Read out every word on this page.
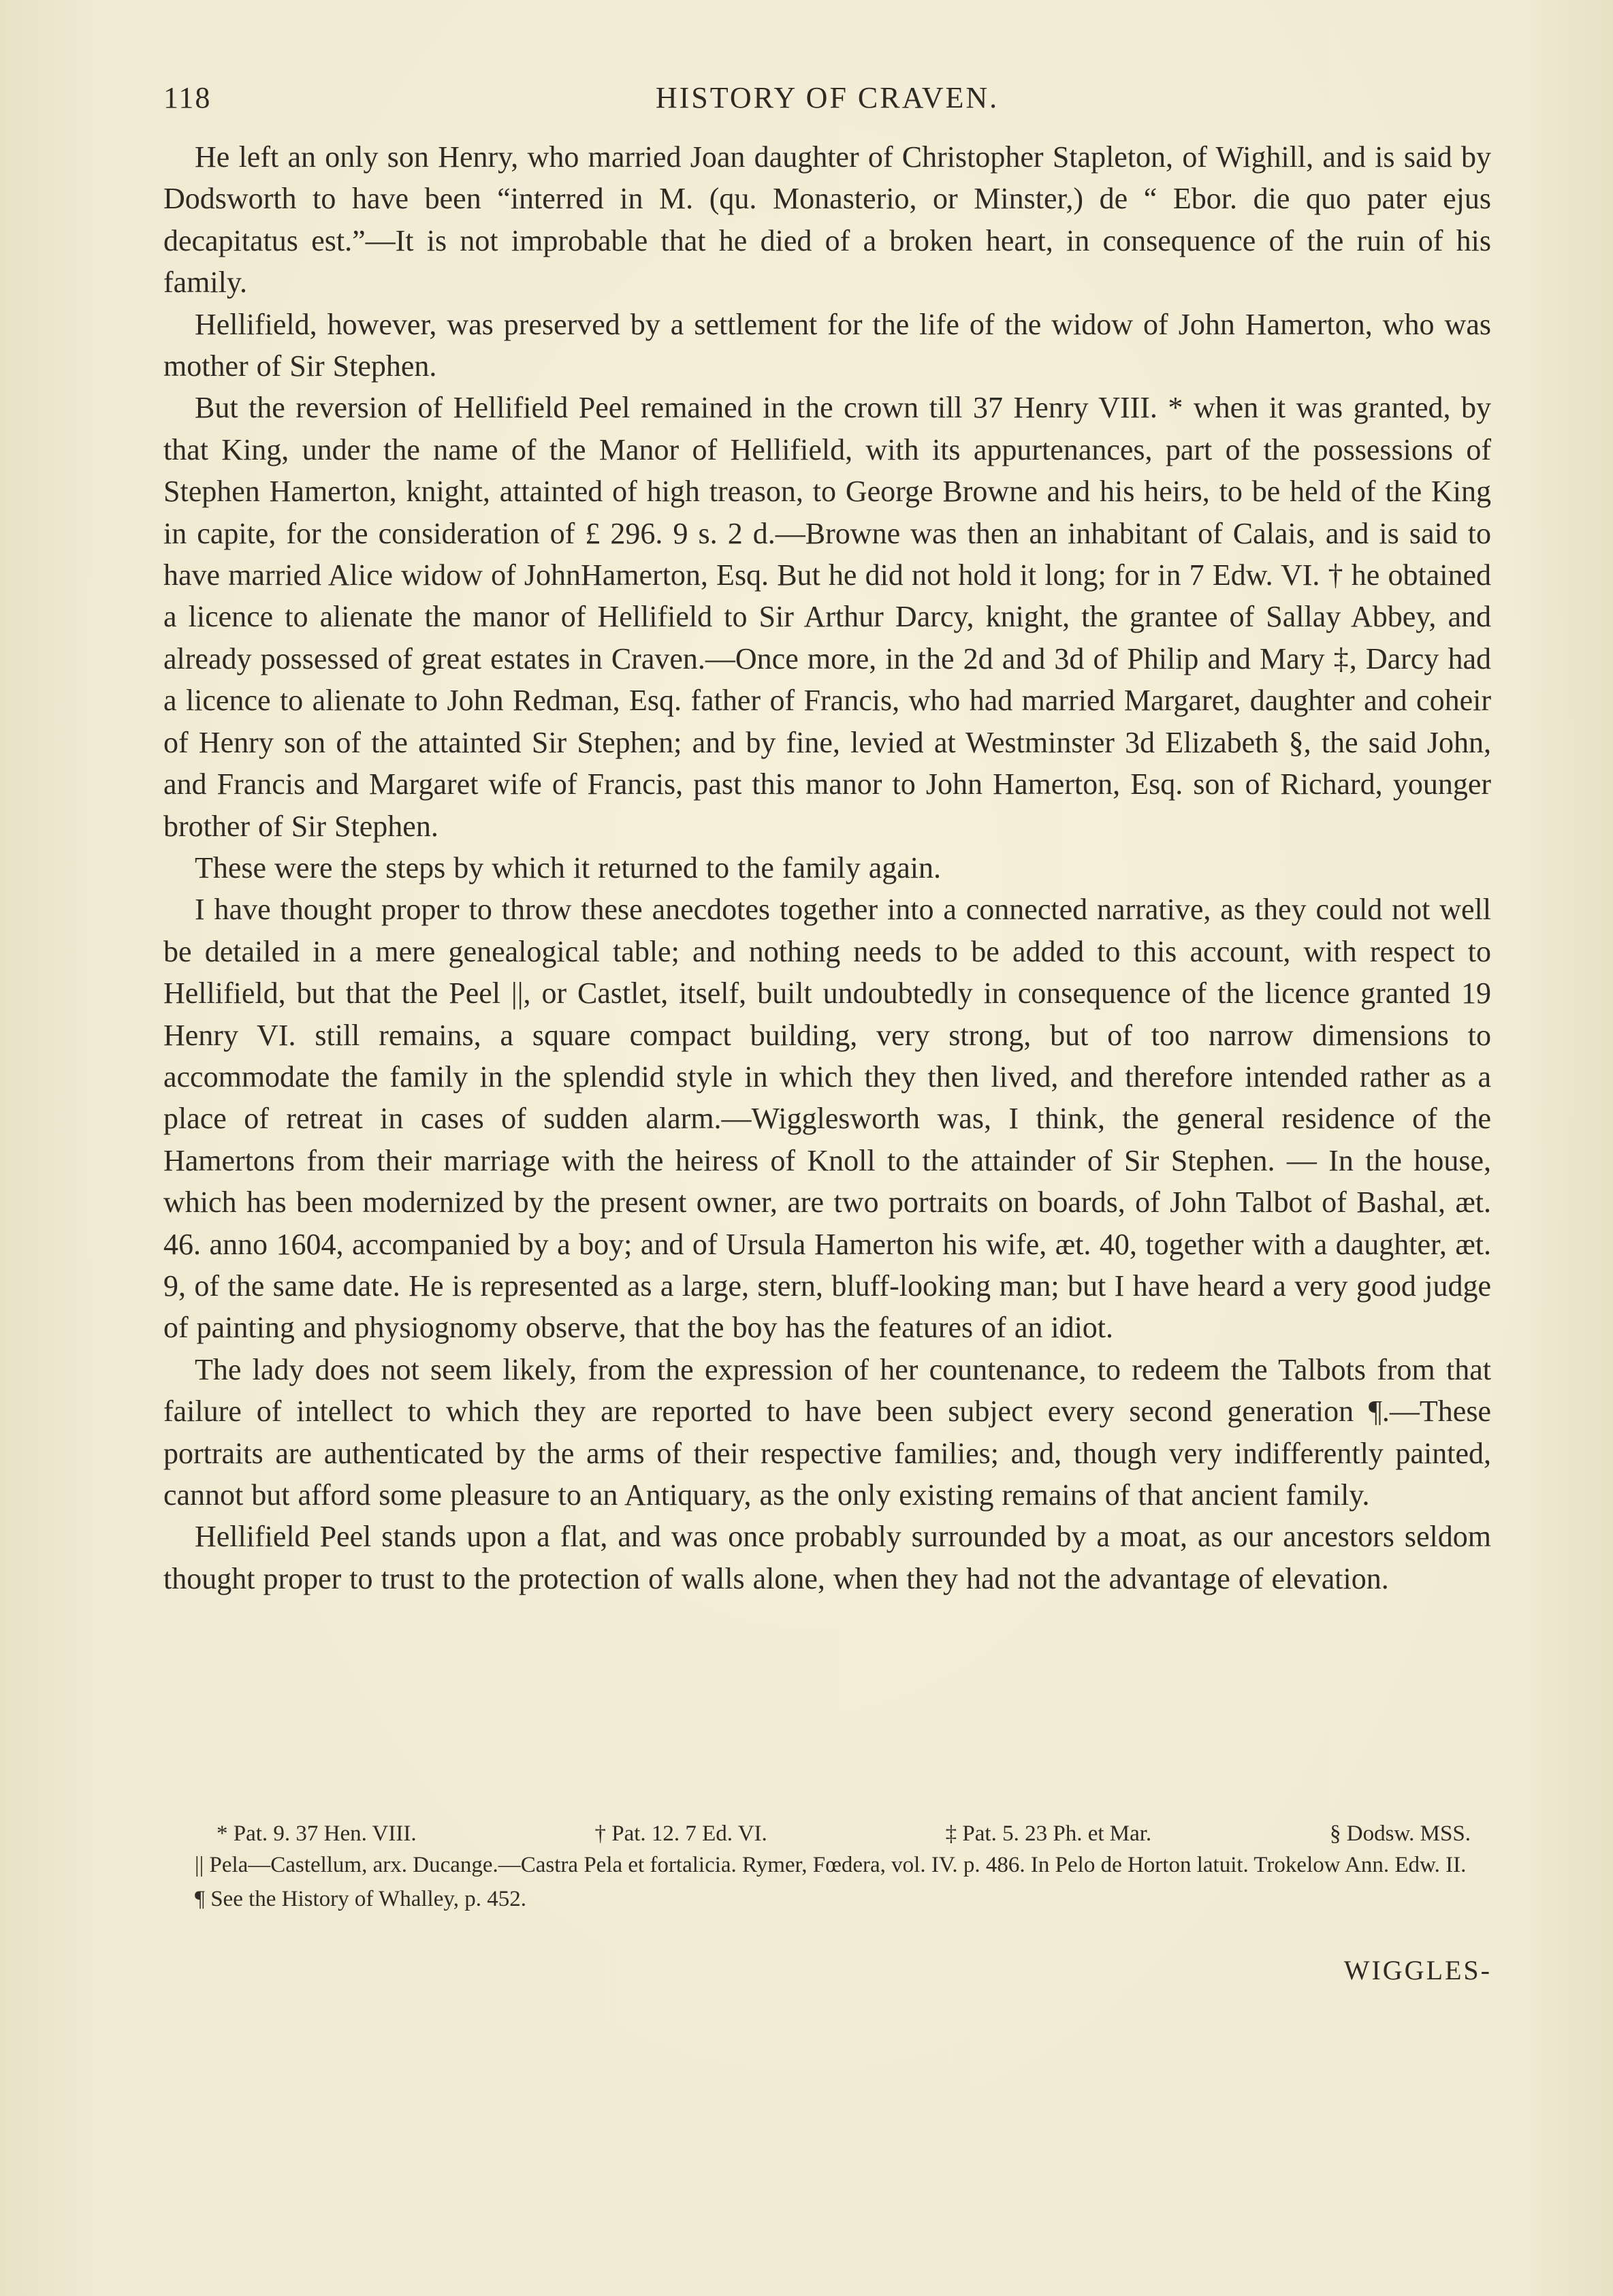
118	HISTORY OF CRAVEN.

He left an only son Henry, who married Joan daughter of Christopher Stapleton, of Wighill, and is said by Dodsworth to have been “interred in M. (qu. Monasterio, or Minster,) de “ Ebor. die quo pater ejus decapitatus est.”—It is not improbable that he died of a broken heart, in consequence of the ruin of his family.

Hellifield, however, was preserved by a settlement for the life of the widow of John Hamerton, who was mother of Sir Stephen.

But the reversion of Hellifield Peel remained in the crown till 37 Henry VIII. * when it was granted, by that King, under the name of the Manor of Hellifield, with its appurtenances, part of the possessions of Stephen Hamerton, knight, attainted of high treason, to George Browne and his heirs, to be held of the King in capite, for the consideration of £ 296. 9 s. 2 d.—Browne was then an inhabitant of Calais, and is said to have married Alice widow of JohnHamerton, Esq. But he did not hold it long; for in 7 Edw. VI. † he obtained a licence to alienate the manor of Hellifield to Sir Arthur Darcy, knight, the grantee of Sallay Abbey, and already possessed of great estates in Craven.—Once more, in the 2d and 3d of Philip and Mary ‡, Darcy had a licence to alienate to John Redman, Esq. father of Francis, who had married Margaret, daughter and coheir of Henry son of the attainted Sir Stephen; and by fine, levied at Westminster 3d Elizabeth §, the said John, and Francis and Margaret wife of Francis, past this manor to John Hamerton, Esq. son of Richard, younger brother of Sir Stephen.

These were the steps by which it returned to the family again.

I have thought proper to throw these anecdotes together into a connected narrative, as they could not well be detailed in a mere genealogical table; and nothing needs to be added to this account, with respect to Hellifield, but that the Peel ||, or Castlet, itself, built undoubtedly in consequence of the licence granted 19 Henry VI. still remains, a square compact building, very strong, but of too narrow dimensions to accommodate the family in the splendid style in which they then lived, and therefore intended rather as a place of retreat in cases of sudden alarm.—Wigglesworth was, I think, the general residence of the Hamertons from their marriage with the heiress of Knoll to the attainder of Sir Stephen. — In the house, which has been modernized by the present owner, are two portraits on boards, of John Talbot of Bashal, æt. 46. anno 1604, accompanied by a boy; and of Ursula Hamerton his wife, æt. 40, together with a daughter, æt. 9, of the same date. He is represented as a large, stern, bluff-looking man; but I have heard a very good judge of painting and physiognomy observe, that the boy has the features of an idiot.

The lady does not seem likely, from the expression of her countenance, to redeem the Talbots from that failure of intellect to which they are reported to have been subject every second generation ¶.—These portraits are authenticated by the arms of their respective families; and, though very indifferently painted, cannot but afford some pleasure to an Antiquary, as the only existing remains of that ancient family.

Hellifield Peel stands upon a flat, and was once probably surrounded by a moat, as our ancestors seldom thought proper to trust to the protection of walls alone, when they had not the advantage of elevation.

* Pat. 9. 37 Hen. VIII.	† Pat. 12. 7 Ed. VI.	‡ Pat. 5. 23 Ph. et Mar.	§ Dodsw. MSS.

|| Pela—Castellum, arx. Ducange.—Castra Pela et fortalicia. Rymer, Fœdera, vol. IV. p. 486. In Pelo de Horton latuit. Trokelow Ann. Edw. II.

¶ See the History of Whalley, p. 452.

WIGGLES-
